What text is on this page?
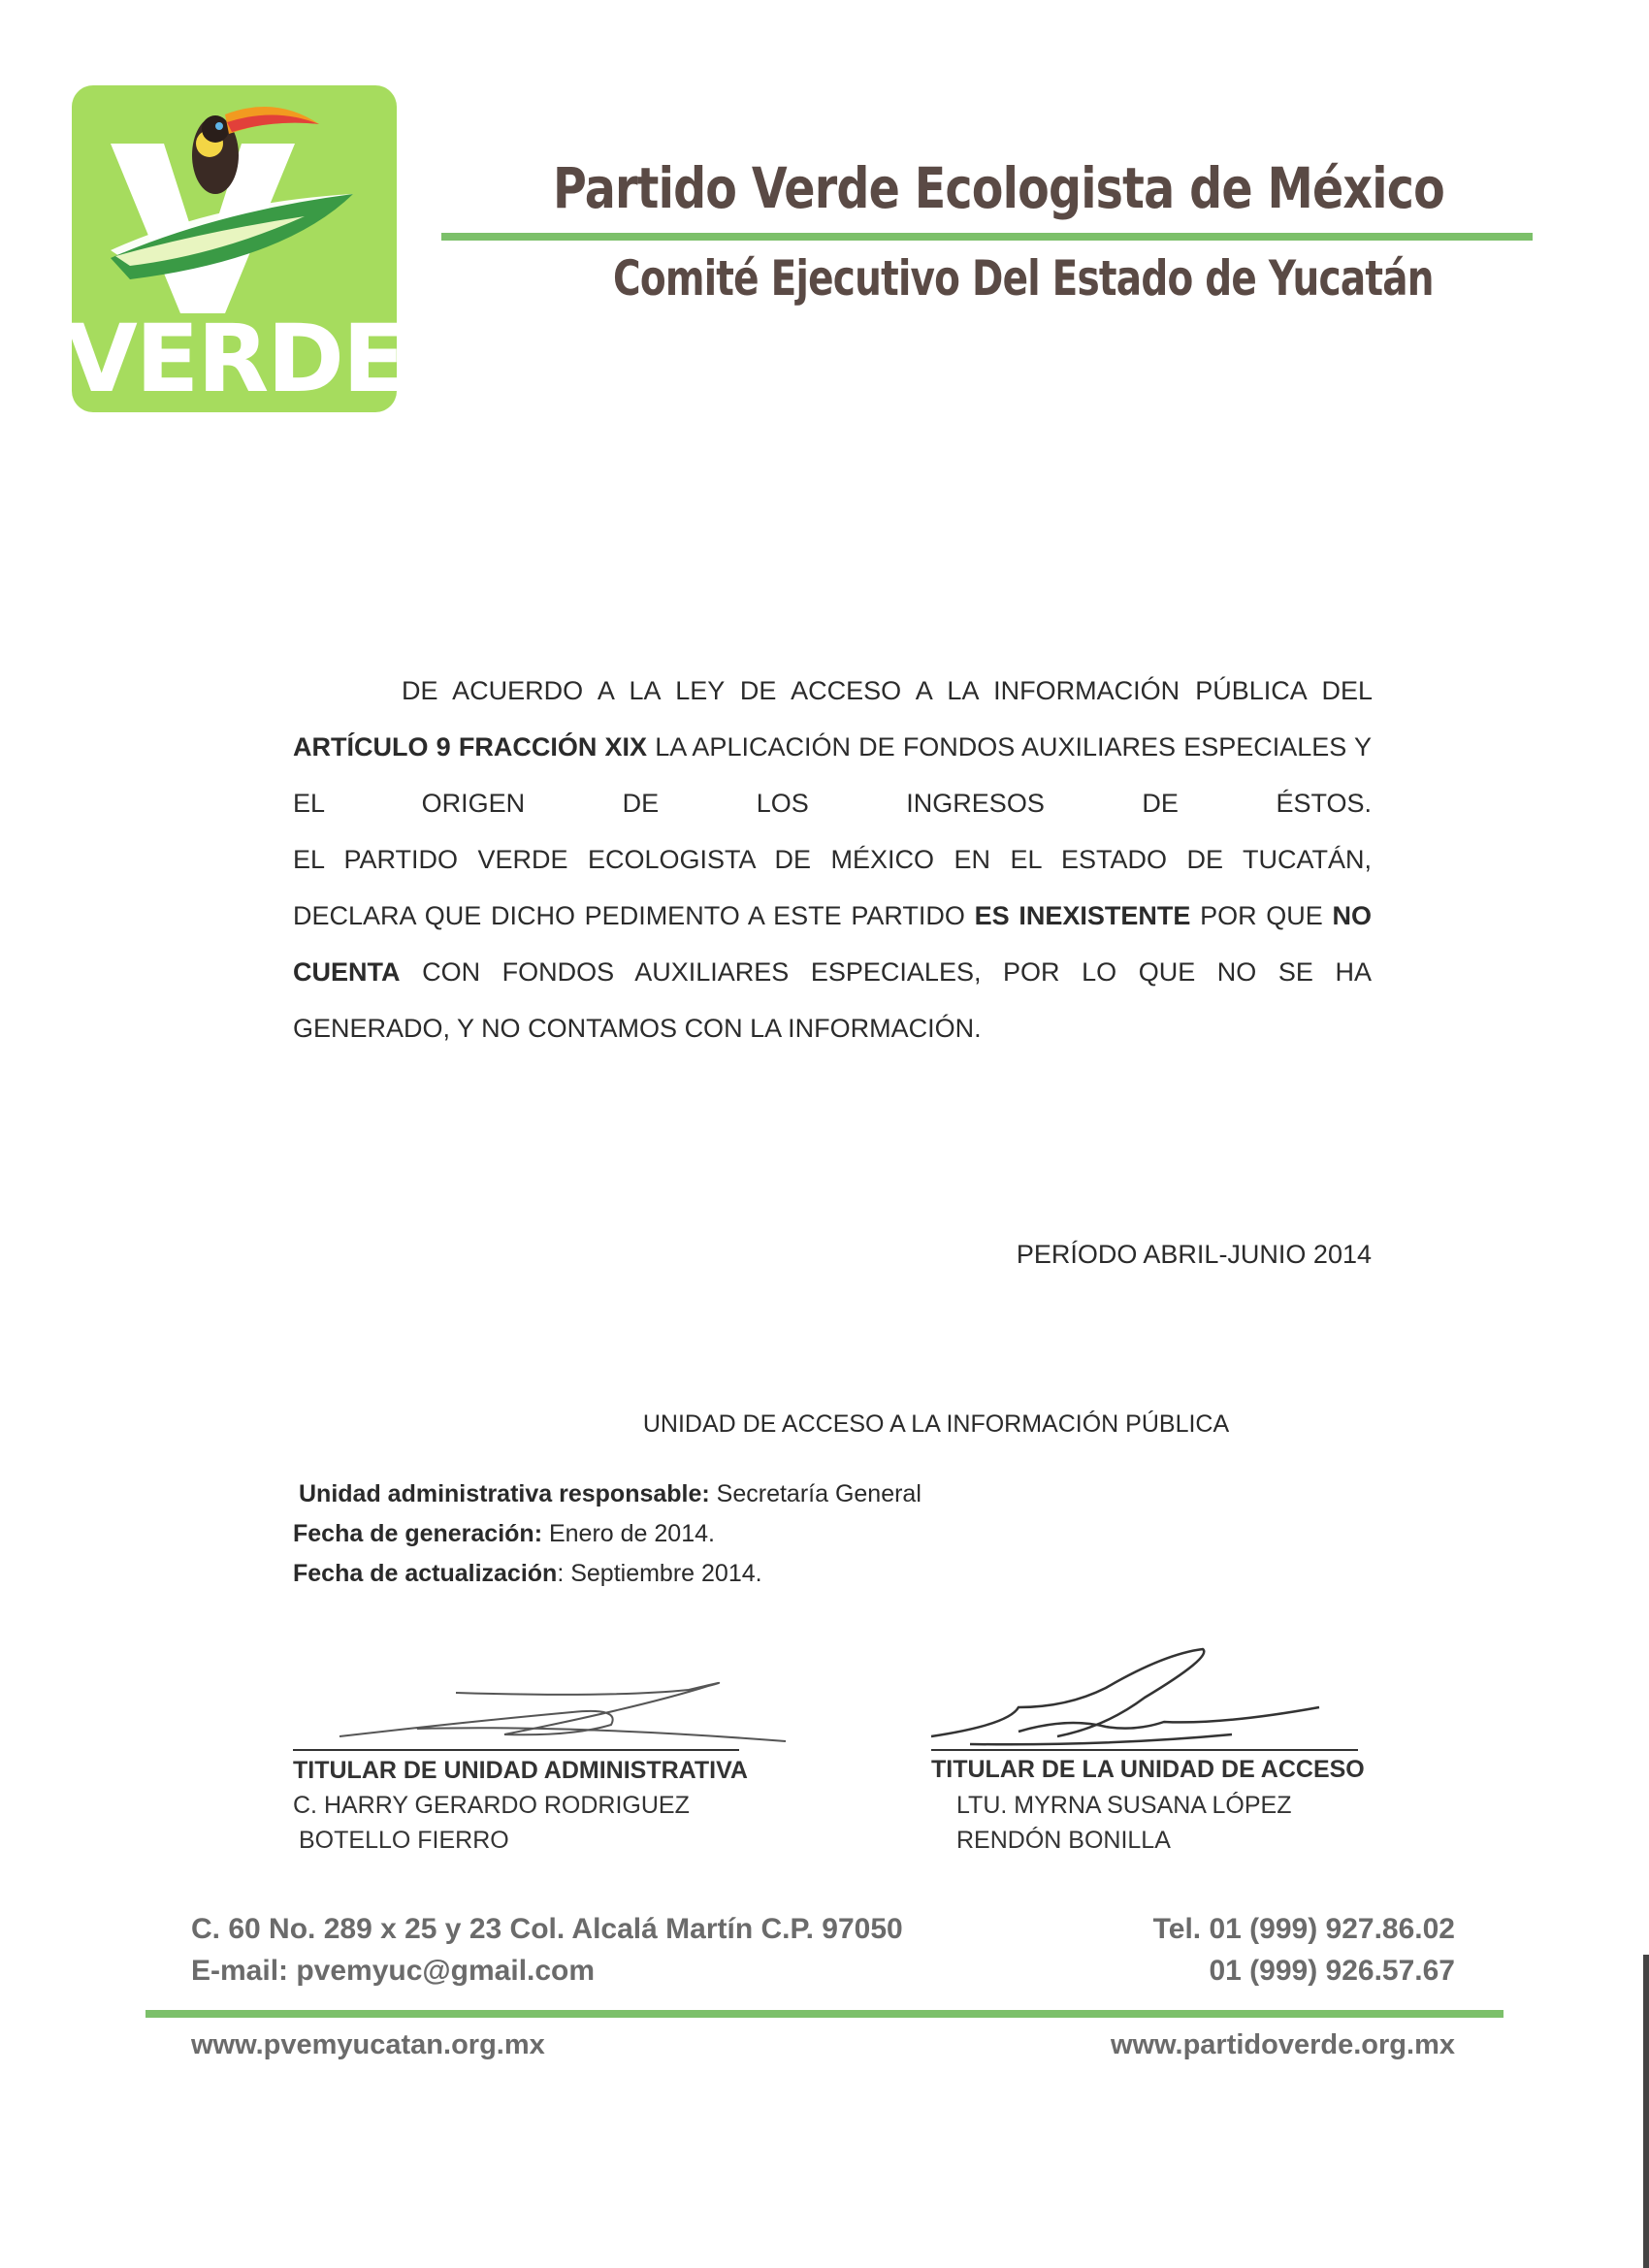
VERDE
Partido Verde Ecologista de México
Comité Ejecutivo Del Estado de Yucatán
DE ACUERDO A LA LEY DE ACCESO A LA INFORMACIÓN PÚBLICA DEL ARTÍCULO 9 FRACCIÓN XIX LA APLICACIÓN DE FONDOS AUXILIARES ESPECIALES Y EL ORIGEN DE LOS INGRESOS DE ÉSTOS.
EL PARTIDO VERDE ECOLOGISTA DE MÉXICO EN EL ESTADO DE TUCATÁN, DECLARA QUE DICHO PEDIMENTO A ESTE PARTIDO ES INEXISTENTE POR QUE NO CUENTA CON FONDOS AUXILIARES ESPECIALES, POR LO QUE NO SE HA GENERADO, Y NO CONTAMOS CON LA INFORMACIÓN.
PERÍODO ABRIL-JUNIO 2014
UNIDAD DE ACCESO A LA INFORMACIÓN PÚBLICA
Unidad administrativa responsable: Secretaría General
Fecha de generación: Enero de 2014.
Fecha de actualización: Septiembre 2014.
TITULAR DE UNIDAD ADMINISTRATIVA
C. HARRY GERARDO RODRIGUEZ
BOTELLO FIERRO
TITULAR DE LA UNIDAD DE ACCESO
LTU. MYRNA SUSANA LÓPEZ
RENDÓN BONILLA
C. 60 No. 289 x 25 y 23 Col. Alcalá Martín C.P. 97050
E-mail: pvemyuc@gmail.com
Tel. 01 (999) 927.86.02
01 (999) 926.57.67
www.pvemyucatan.org.mx	www.partidoverde.org.mx
